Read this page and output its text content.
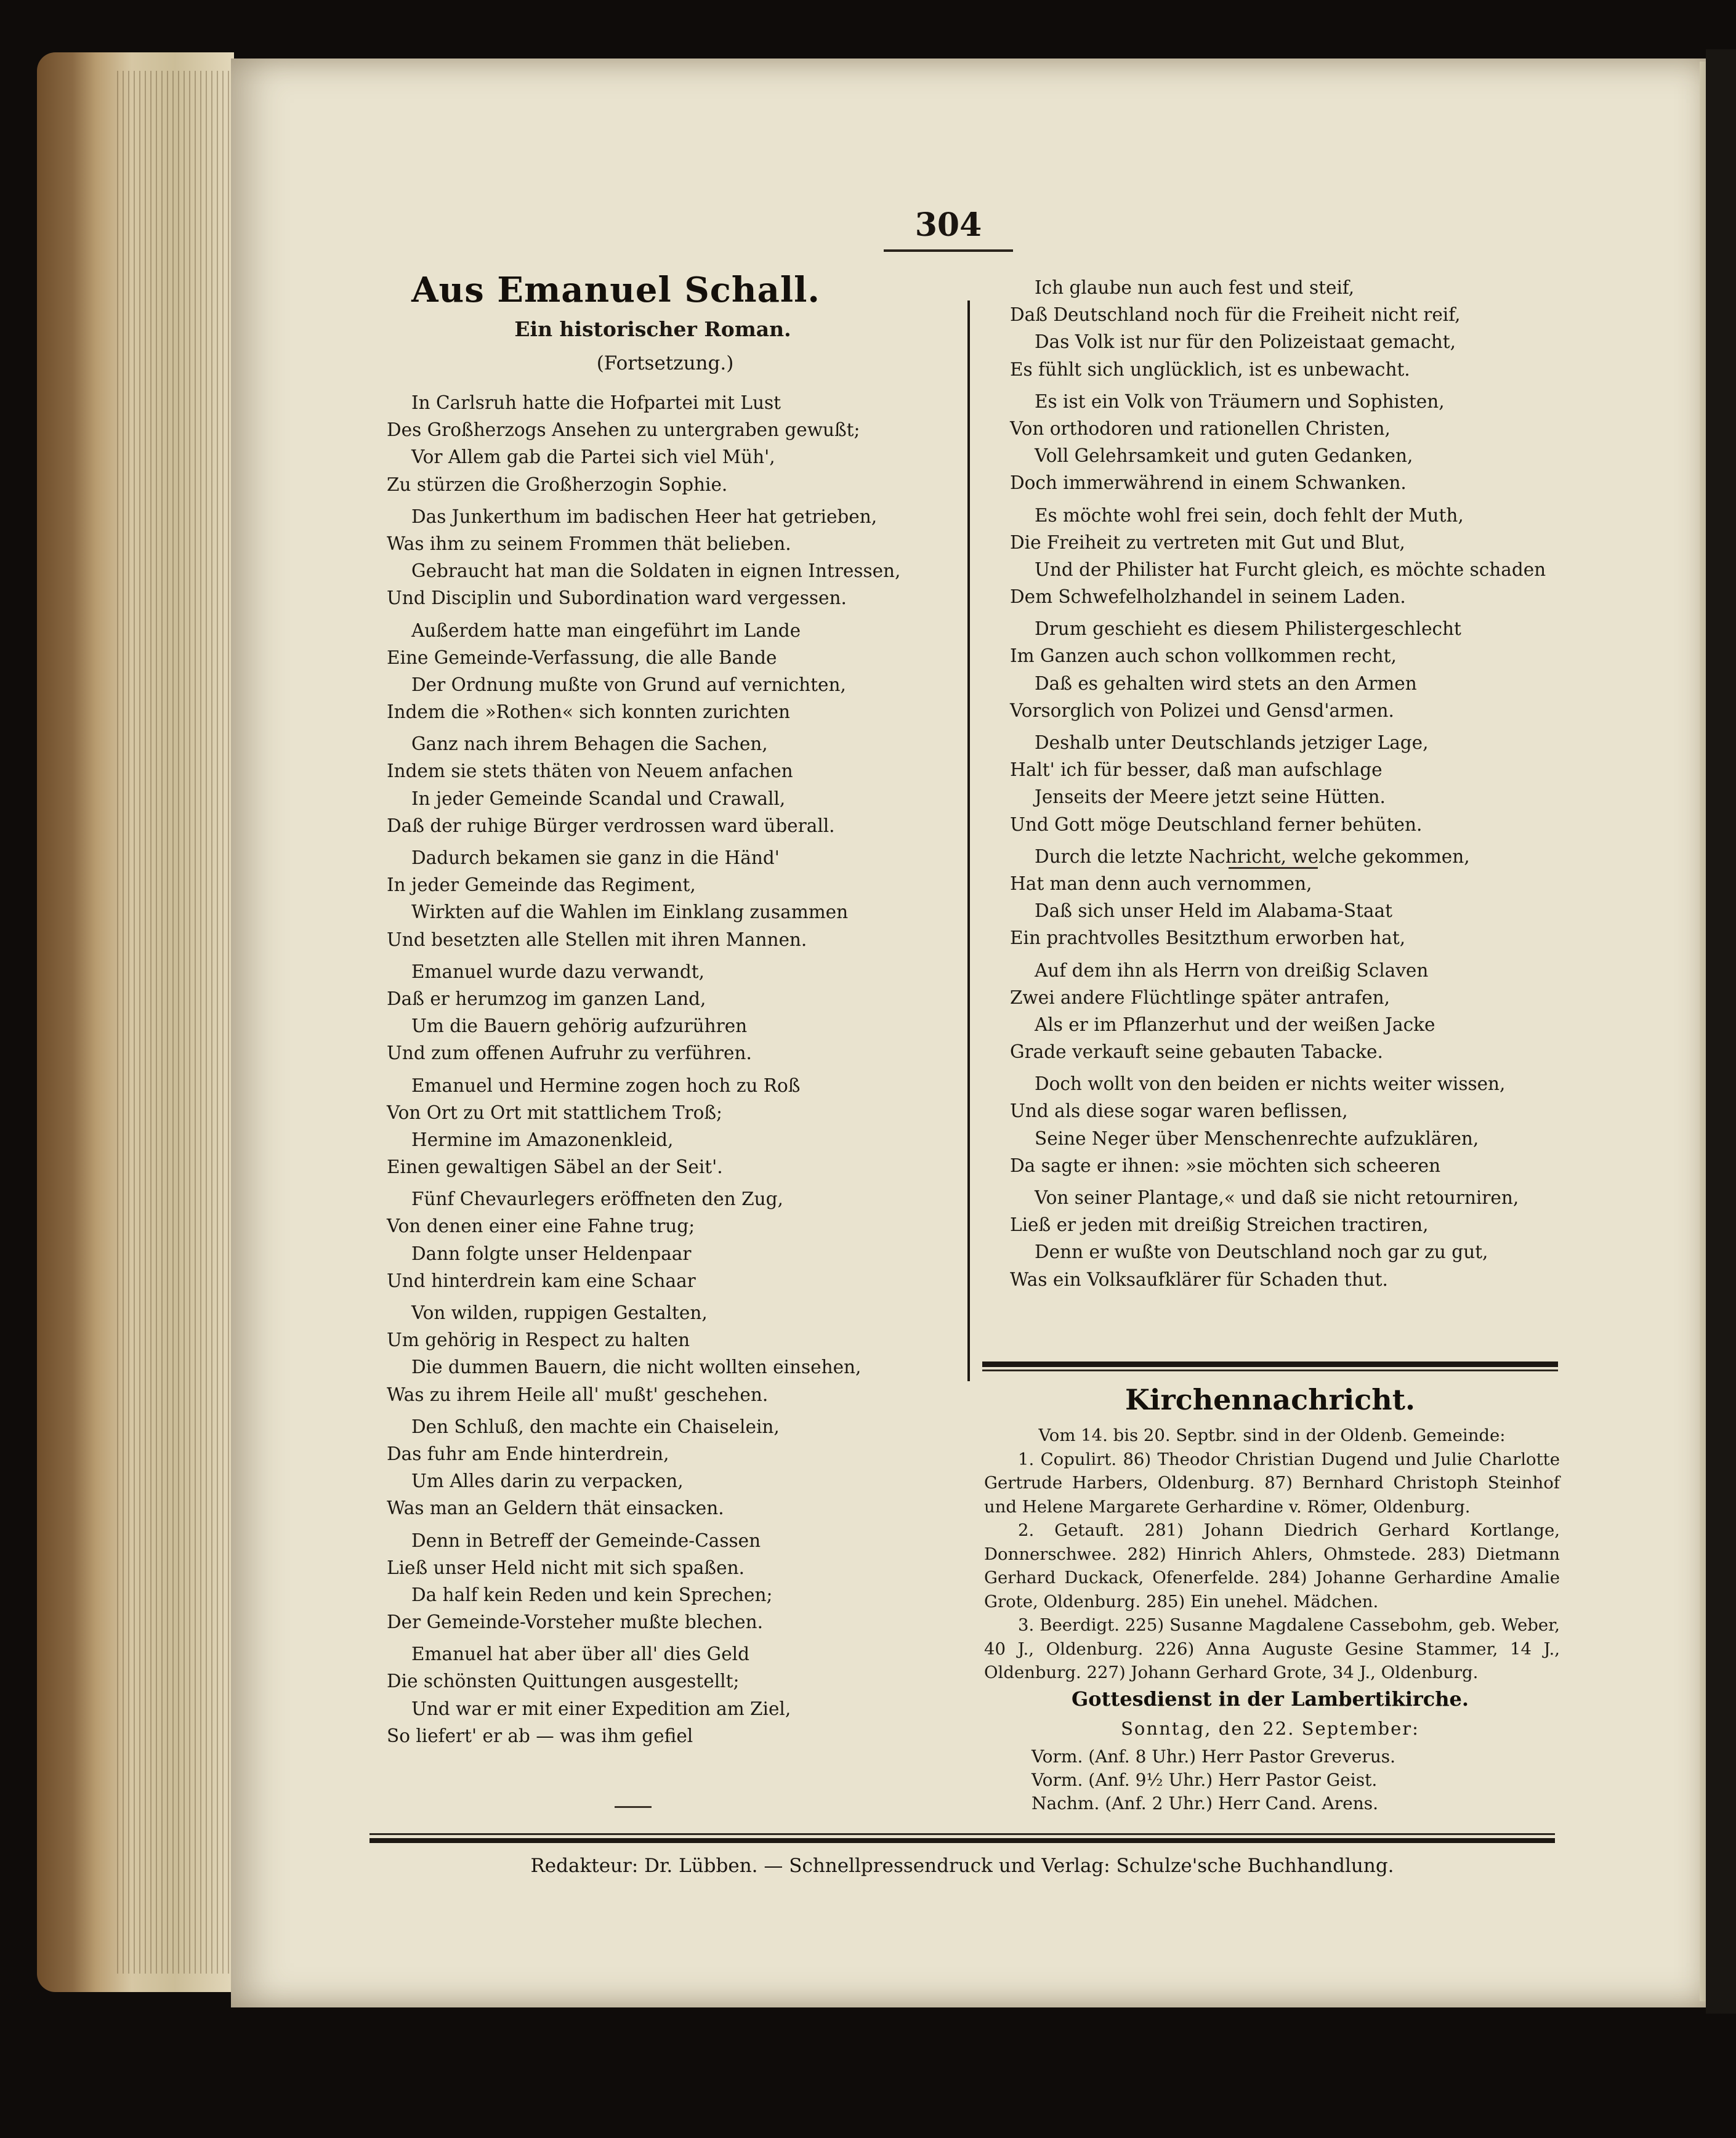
304
Aus Emanuel Schall.
Ein historischer Roman.
(Fortsetzung.)
In Carlsruh hatte die Hofpartei mit Lust
Des Großherzogs Ansehen zu untergraben gewußt;
Vor Allem gab die Partei sich viel Müh',
Zu stürzen die Großherzogin Sophie.
Das Junkerthum im badischen Heer hat getrieben,
Was ihm zu seinem Frommen thät belieben.
Gebraucht hat man die Soldaten in eignen Intressen,
Und Disciplin und Subordination ward vergessen.
Außerdem hatte man eingeführt im Lande
Eine Gemeinde-Verfassung, die alle Bande
Der Ordnung mußte von Grund auf vernichten,
Indem die »Rothen« sich konnten zurichten
Ganz nach ihrem Behagen die Sachen,
Indem sie stets thäten von Neuem anfachen
In jeder Gemeinde Scandal und Crawall,
Daß der ruhige Bürger verdrossen ward überall.
Dadurch bekamen sie ganz in die Händ'
In jeder Gemeinde das Regiment,
Wirkten auf die Wahlen im Einklang zusammen
Und besetzten alle Stellen mit ihren Mannen.
Emanuel wurde dazu verwandt,
Daß er herumzog im ganzen Land,
Um die Bauern gehörig aufzurühren
Und zum offenen Aufruhr zu verführen.
Emanuel und Hermine zogen hoch zu Roß
Von Ort zu Ort mit stattlichem Troß;
Hermine im Amazonenkleid,
Einen gewaltigen Säbel an der Seit'.
Fünf Chevaurlegers eröffneten den Zug,
Von denen einer eine Fahne trug;
Dann folgte unser Heldenpaar
Und hinterdrein kam eine Schaar
Von wilden, ruppigen Gestalten,
Um gehörig in Respect zu halten
Die dummen Bauern, die nicht wollten einsehen,
Was zu ihrem Heile all' mußt' geschehen.
Den Schluß, den machte ein Chaiselein,
Das fuhr am Ende hinterdrein,
Um Alles darin zu verpacken,
Was man an Geldern thät einsacken.
Denn in Betreff der Gemeinde-Cassen
Ließ unser Held nicht mit sich spaßen.
Da half kein Reden und kein Sprechen;
Der Gemeinde-Vorsteher mußte blechen.
Emanuel hat aber über all' dies Geld
Die schönsten Quittungen ausgestellt;
Und war er mit einer Expedition am Ziel,
So liefert' er ab — was ihm gefiel
Ich glaube nun auch fest und steif,
Daß Deutschland noch für die Freiheit nicht reif,
Das Volk ist nur für den Polizeistaat gemacht,
Es fühlt sich unglücklich, ist es unbewacht.
Es ist ein Volk von Träumern und Sophisten,
Von orthodoren und rationellen Christen,
Voll Gelehrsamkeit und guten Gedanken,
Doch immerwährend in einem Schwanken.
Es möchte wohl frei sein, doch fehlt der Muth,
Die Freiheit zu vertreten mit Gut und Blut,
Und der Philister hat Furcht gleich, es möchte schaden
Dem Schwefelholzhandel in seinem Laden.
Drum geschieht es diesem Philistergeschlecht
Im Ganzen auch schon vollkommen recht,
Daß es gehalten wird stets an den Armen
Vorsorglich von Polizei und Gensd'armen.
Deshalb unter Deutschlands jetziger Lage,
Halt' ich für besser, daß man aufschlage
Jenseits der Meere jetzt seine Hütten.
Und Gott möge Deutschland ferner behüten.
Durch die letzte Nachricht, welche gekommen,
Hat man denn auch vernommen,
Daß sich unser Held im Alabama-Staat
Ein prachtvolles Besitzthum erworben hat,
Auf dem ihn als Herrn von dreißig Sclaven
Zwei andere Flüchtlinge später antrafen,
Als er im Pflanzerhut und der weißen Jacke
Grade verkauft seine gebauten Tabacke.
Doch wollt von den beiden er nichts weiter wissen,
Und als diese sogar waren beflissen,
Seine Neger über Menschenrechte aufzuklären,
Da sagte er ihnen: »sie möchten sich scheeren
Von seiner Plantage,« und daß sie nicht retourniren,
Ließ er jeden mit dreißig Streichen tractiren,
Denn er wußte von Deutschland noch gar zu gut,
Was ein Volksaufklärer für Schaden thut.
Kirchennachricht.
Vom 14. bis 20. Septbr. sind in der Oldenb. Gemeinde:
1. Copulirt. 86) Theodor Christian Dugend und Julie Charlotte Gertrude Harbers, Oldenburg. 87) Bernhard Christoph Steinhof und Helene Margarete Gerhardine v. Römer, Oldenburg.
2. Getauft. 281) Johann Diedrich Gerhard Kortlange, Donnerschwee. 282) Hinrich Ahlers, Ohmstede. 283) Dietmann Gerhard Duckack, Ofenerfelde. 284) Johanne Gerhardine Amalie Grote, Oldenburg. 285) Ein unehel. Mädchen.
3. Beerdigt. 225) Susanne Magdalene Cassebohm, geb. Weber, 40 J., Oldenburg. 226) Anna Auguste Gesine Stammer, 14 J., Oldenburg. 227) Johann Gerhard Grote, 34 J., Oldenburg.
Gottesdienst in der Lambertikirche.
Sonntag, den 22. September:
Vorm. (Anf. 8 Uhr.) Herr Pastor Greverus.
Vorm. (Anf. 9½ Uhr.) Herr Pastor Geist.
Nachm. (Anf. 2 Uhr.) Herr Cand. Arens.
Redakteur: Dr. Lübben. — Schnellpressendruck und Verlag: Schulze'sche Buchhandlung.
